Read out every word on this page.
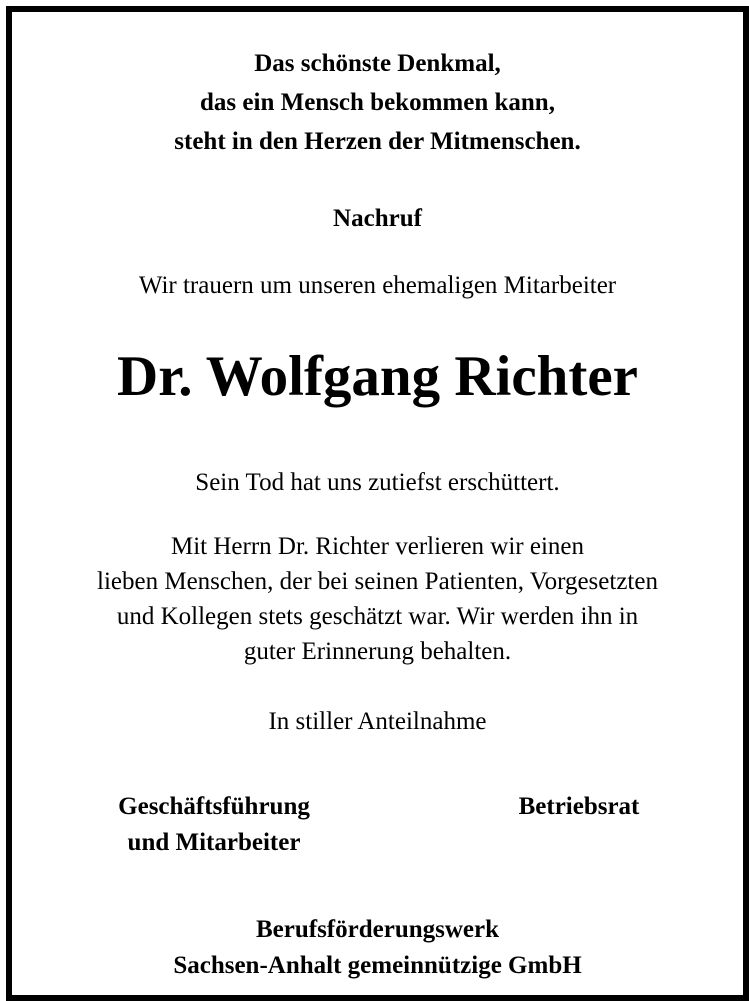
Das schönste Denkmal,
das ein Mensch bekommen kann,
steht in den Herzen der Mitmenschen.
Nachruf
Wir trauern um unseren ehemaligen Mitarbeiter
Dr. Wolfgang Richter
Sein Tod hat uns zutiefst erschüttert.
Mit Herrn Dr. Richter verlieren wir einen
lieben Menschen, der bei seinen Patienten, Vorgesetzten
und Kollegen stets geschätzt war. Wir werden ihn in
guter Erinnerung behalten.
In stiller Anteilnahme
Geschäftsführung
und Mitarbeiter
Betriebsrat
Berufsförderungswerk
Sachsen-Anhalt gemeinnützige GmbH
